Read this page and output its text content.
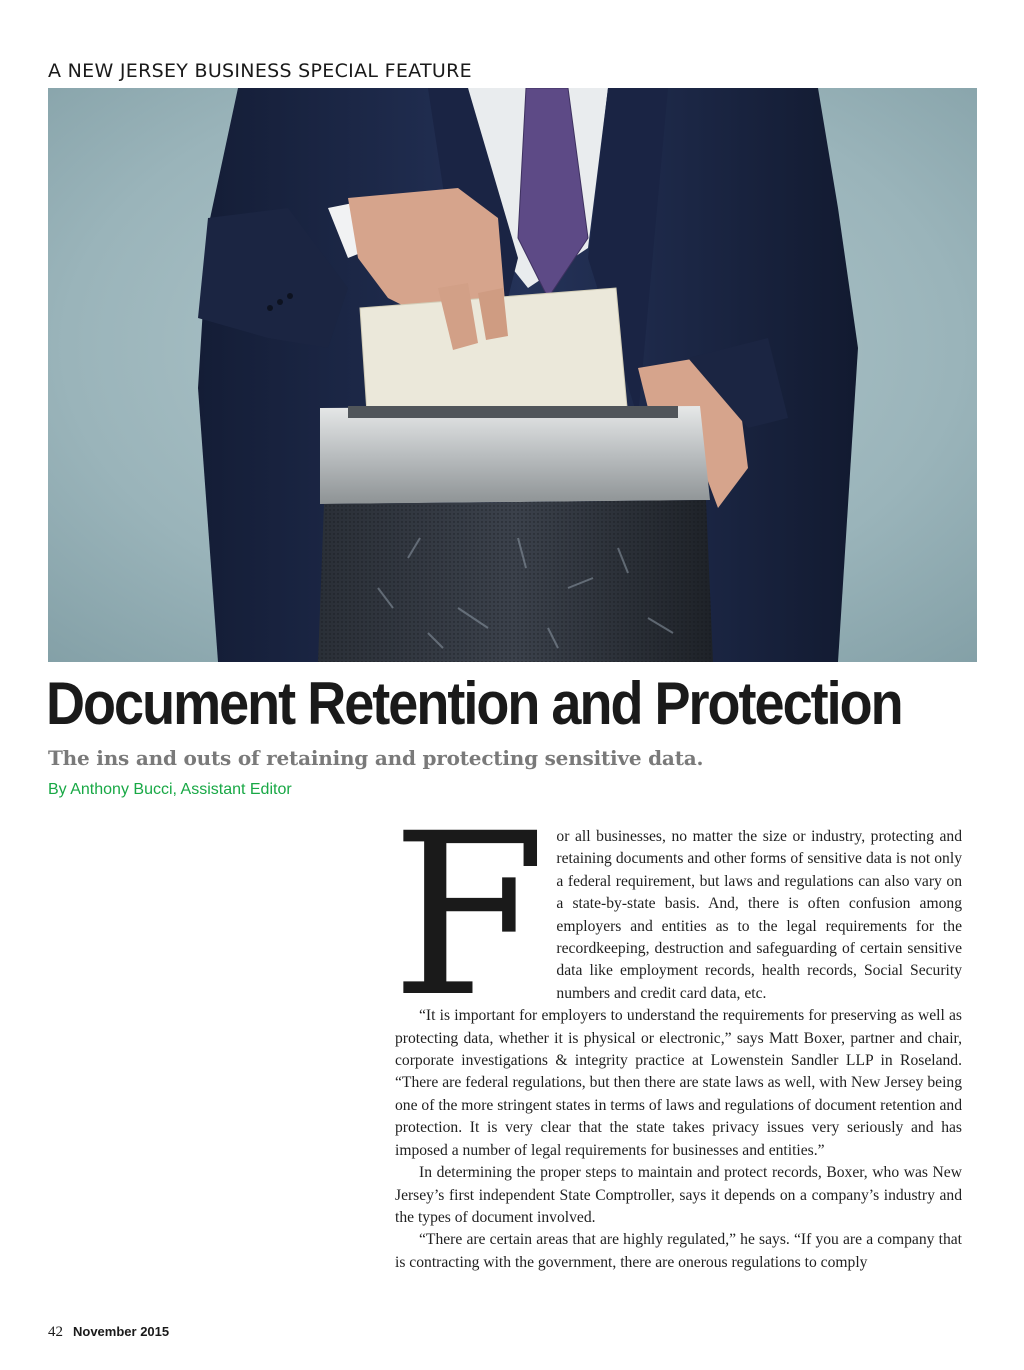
A NEW JERSEY BUSINESS SPECIAL FEATURE
Document Retention and Protection
The ins and outs of retaining and protecting sensitive data.
By Anthony Bucci, Assistant Editor F or all businesses, no matter the size or industry, protecting and retaining documents and other forms of sensitive data is not only a federal requirement, but laws and regulations can also vary on a state-by-state basis. And, there is often confusion among employers and entities as to the legal requirements for the recordkeeping, destruction and safeguarding of certain sensitive data like employment records, health records, Social Security numbers and credit card data, etc.

“It is important for employers to understand the requirements for preserving as well as protecting data, whether it is physical or electronic,” says Matt Boxer, partner and chair, corporate investigations & integrity practice at Lowenstein Sandler LLP in Roseland. “There are federal regulations, but then there are state laws as well, with New Jersey being one of the more stringent states in terms of laws and regulations of document retention and protection. It is very clear that the state takes privacy issues very seriously and has imposed a number of legal requirements for businesses and entities.”

In determining the proper steps to maintain and protect records, Boxer, who was New Jersey’s first independent State Comptroller, says it depends on a company’s industry and the types of document involved.

“There are certain areas that are highly regulated,” he says. “If you are a company that is contracting with the government, there are onerous regulations to comply

42 November 2015
